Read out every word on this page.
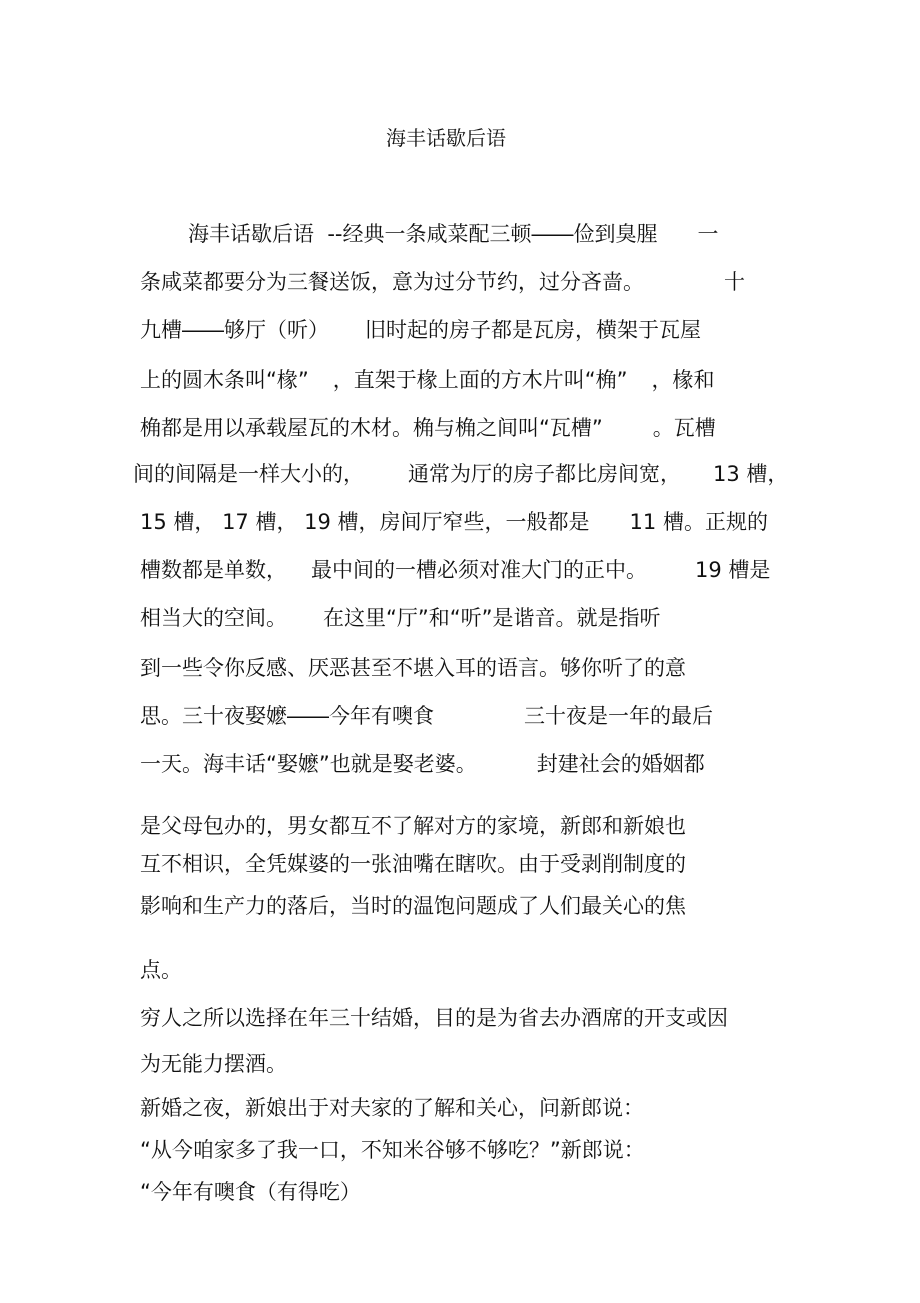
海丰话歇后语
海丰话歇后语  --经典一条咸菜配三顿――俭到臭腥 一
条咸菜都要分为三餐送饭，意为过分节约，过分吝啬。	十
九槽――够厅（听） 旧时起的房子都是瓦房，横架于瓦屋
上的圆木条叫“椽” ，直架于椽上面的方木片叫“桷” ，椽和
桷都是用以承载屋瓦的木材。桷与桷之间叫“瓦槽” 。瓦槽
间的间隔是一样大小的， 通常为厅的房子都比房间宽， 13 槽，
15 槽， 17 槽， 19 槽，房间厅窄些，一般都是 11 槽。正规的
槽数都是单数， 最中间的一槽必须对准大门的正中。 19 槽是
相当大的空间。 在这里“厅”和“听”是谐音。就是指听
到一些令你反感、厌恶甚至不堪入耳的语言。够你听了的意
思。三十夜娶嬷――今年有噢食	三十夜是一年的最后
一天。海丰话“娶嬷”也就是娶老婆。	封建社会的婚姻都
是父母包办的，男女都互不了解对方的家境，新郎和新娘也
互不相识，全凭媒婆的一张油嘴在瞎吹。由于受剥削制度的
影响和生产力的落后，当时的温饱问题成了人们最关心的焦
点。
穷人之所以选择在年三十结婚，目的是为省去办酒席的开支或因
为无能力摆酒。
新婚之夜，新娘出于对夫家的了解和关心，问新郎说：
“从今咱家多了我一口，不知米谷够不够吃？”新郎说：
“今年有噢食（有得吃）
